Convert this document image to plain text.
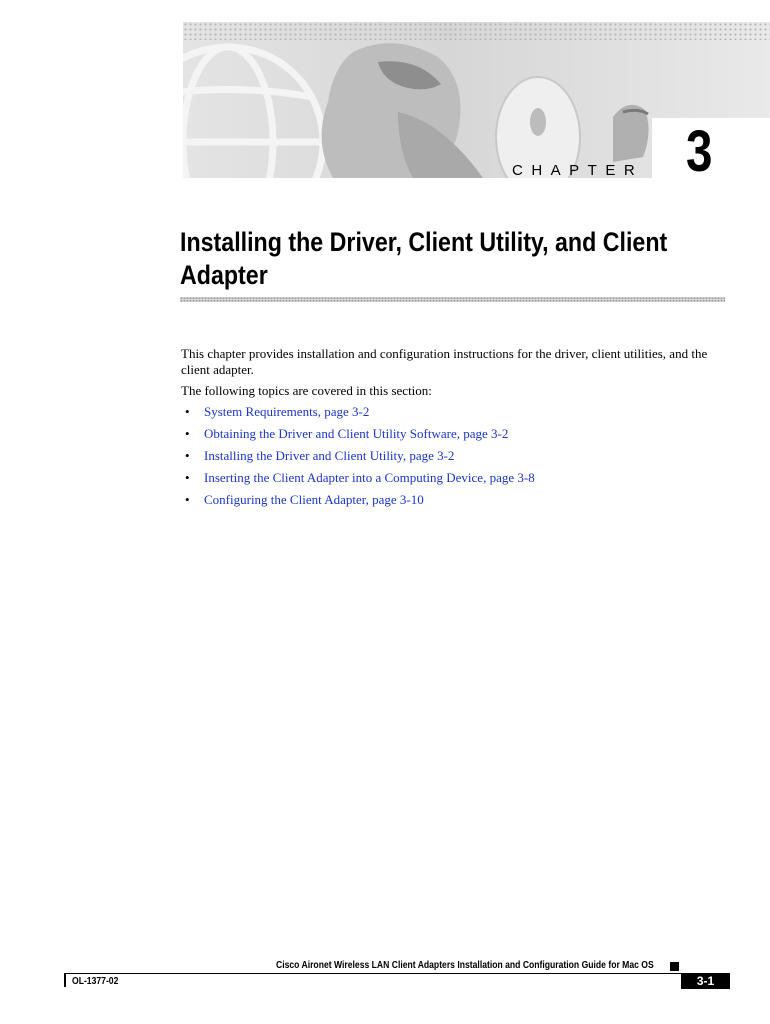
CHAPTER 3
Installing the Driver, Client Utility, and Client Adapter

This chapter provides installation and configuration instructions for the driver, client utilities, and the client adapter.

The following topics are covered in this section:

• System Requirements, page 3-2
• Obtaining the Driver and Client Utility Software, page 3-2
• Installing the Driver and Client Utility, page 3-2
• Inserting the Client Adapter into a Computing Device, page 3-8
• Configuring the Client Adapter, page 3-10
Cisco Aironet Wireless LAN Client Adapters Installation and Configuration Guide for Mac OS
OL-1377-02	3-1
